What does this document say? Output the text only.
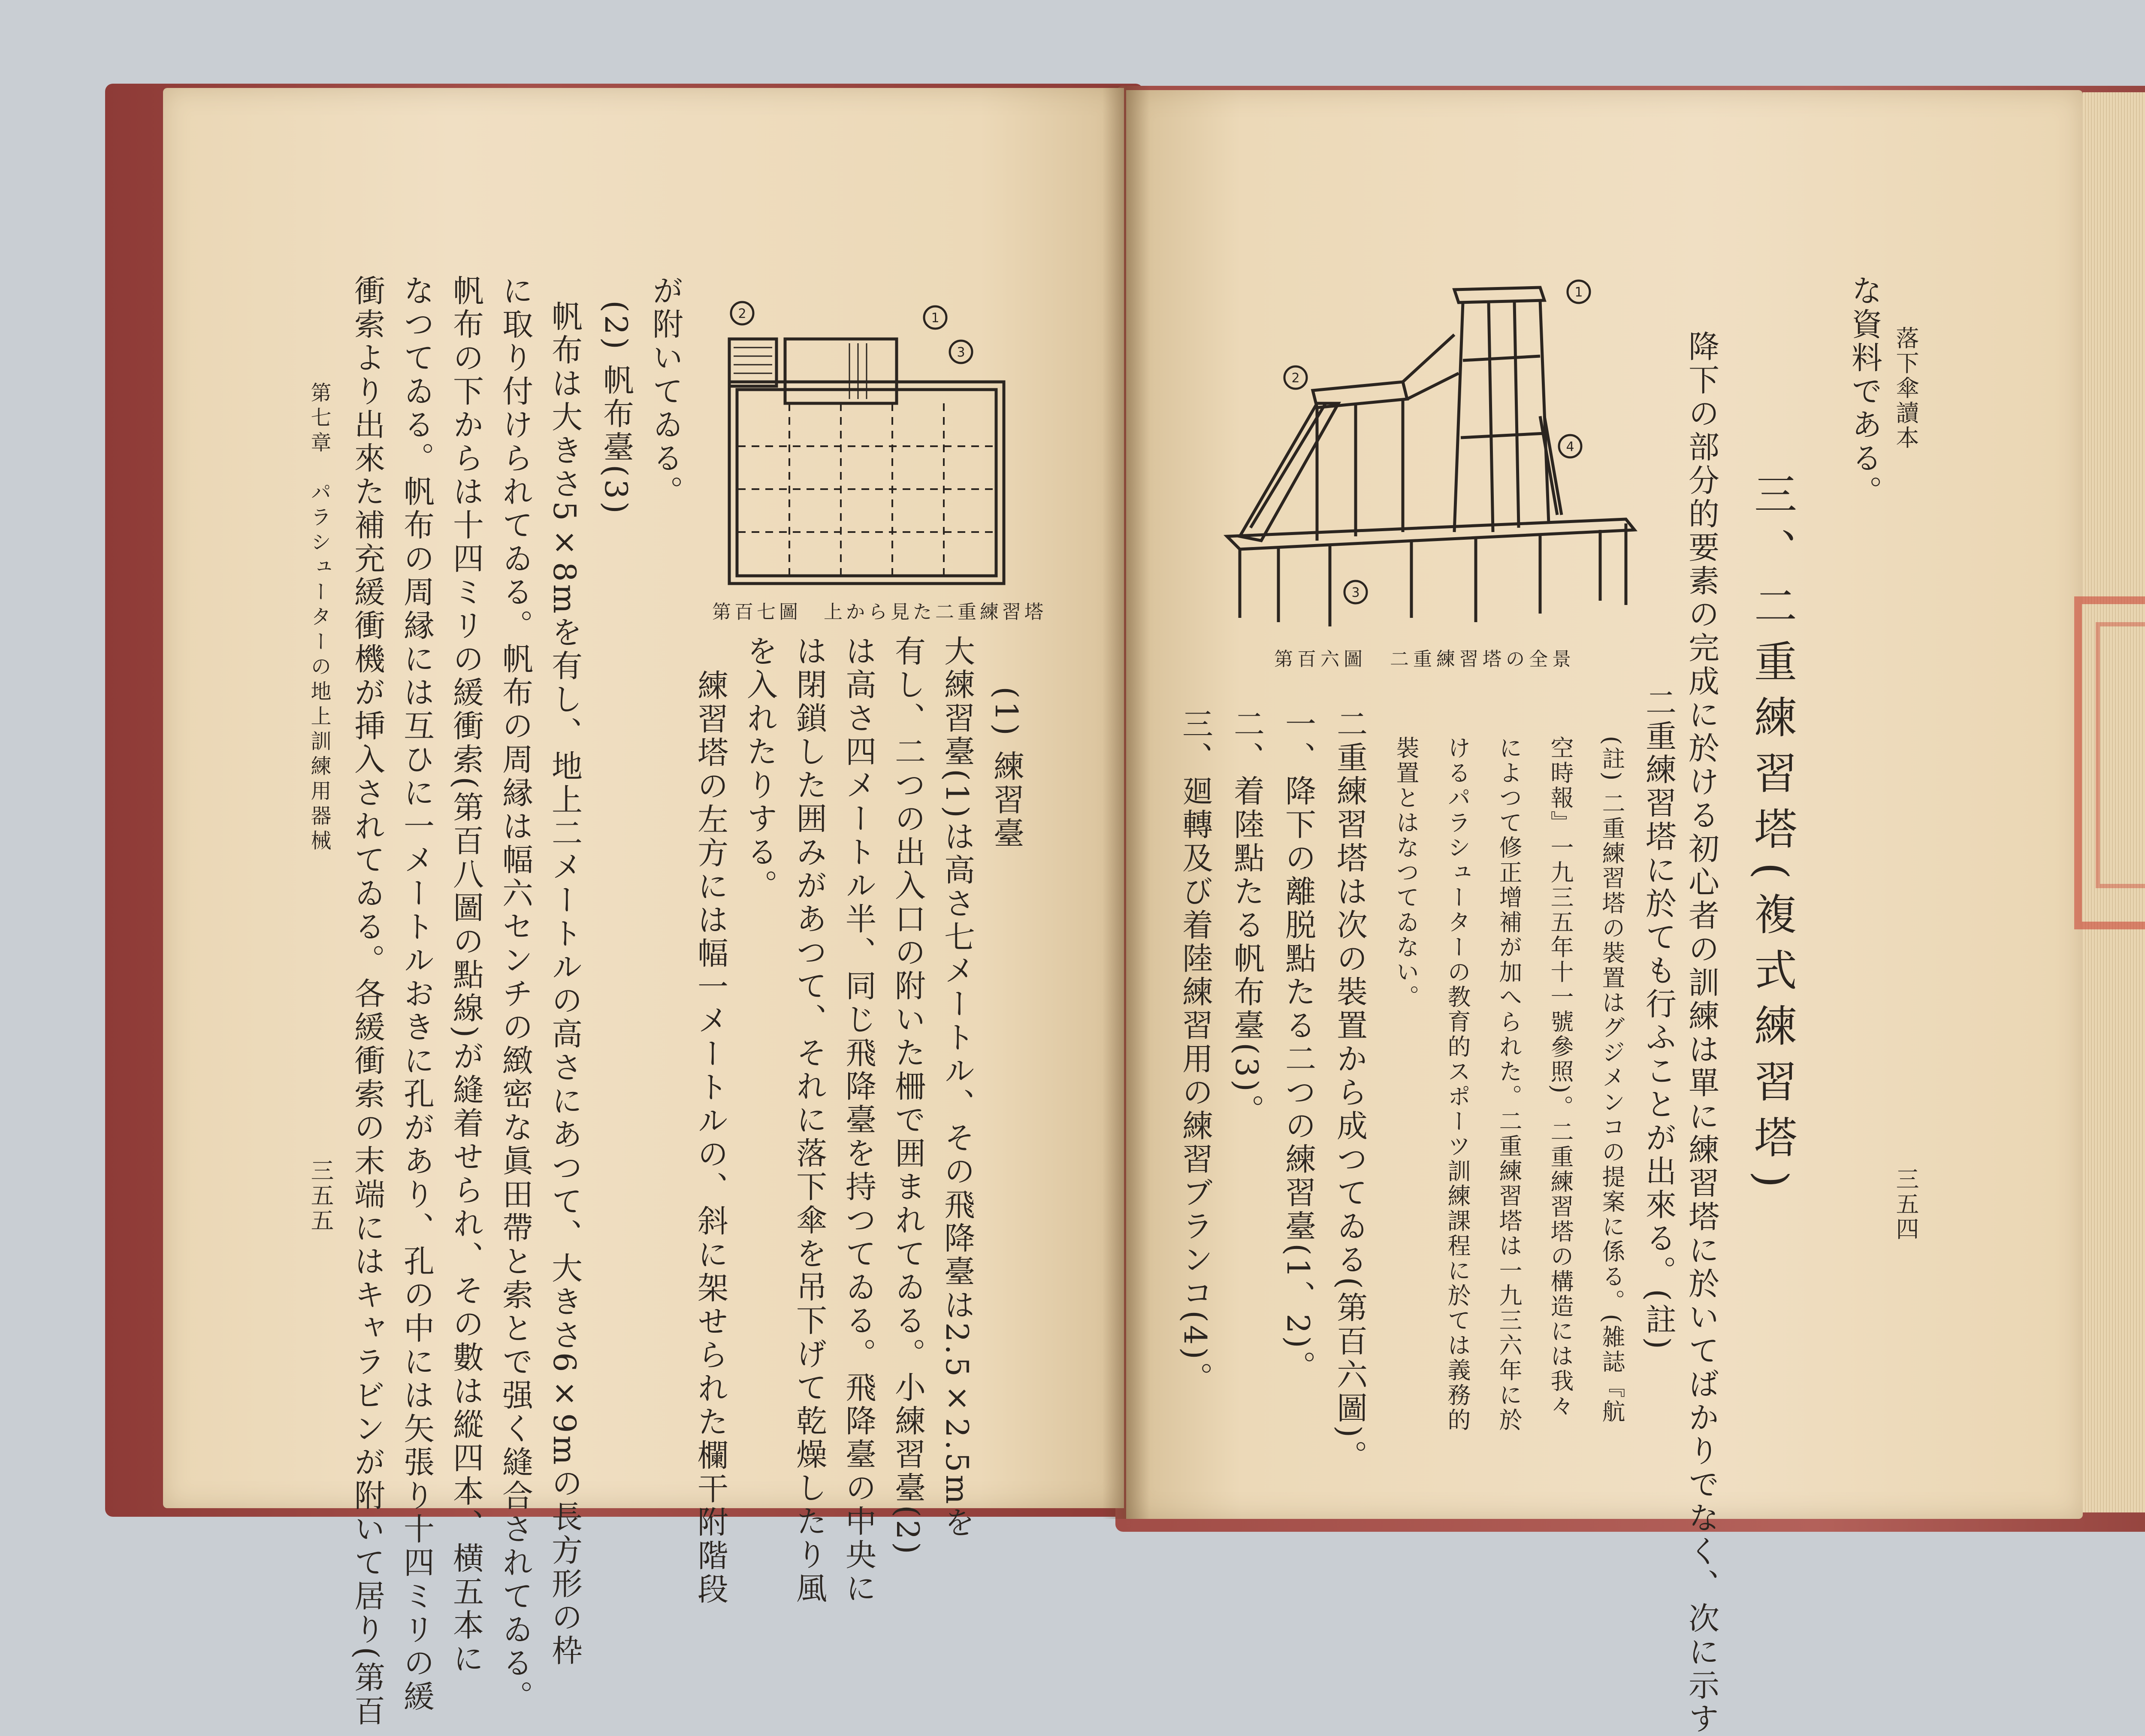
落下傘讀本
三五四
な資料である。
降下の部分的要素の完成に於ける初心者の訓練は單に練習塔に於いてばかりでなく、次に示す 三、二重練習塔(複式練習塔)
二重練習塔に於ても行ふことが出來る。(註)
(註) 二重練習塔の裝置はグジメンコの提案に係る。(雑誌『航
空時報』一九三五年十一號參照)。二重練習塔の構造には我々
によつて修正增補が加へられた。二重練習塔は一九三六年に於
けるパラシューターの教育的スポーツ訓練課程に於ては義務的
裝置とはなつてゐない。
二重練習塔は次の裝置から成つてゐる(第百六圖)。
一、降下の離脱點たる二つの練習臺(1、2)。
二、着陸點たる帆布臺(3)。
三、廻轉及び着陸練習用の練習ブランコ(4)。
1
2
3
4
第百六圖　二重練習塔の全景
第七章　パラシューターの地上訓練用器械
三五五 衝索より出來た補充緩衝機が挿入されてゐる。各緩衝索の末端にはキャラビンが附いて居り(第百 なつてゐる。帆布の周縁には互ひに一メートルおきに孔があり、孔の中には矢張り十四ミリの緩 帆布の下からは十四ミリの緩衝索(第百八圖の點線)が縫着せられ、その數は縱四本、横五本に に取り付けられてゐる。帆布の周縁は幅六センチの緻密な眞田帶と索とで强く縫合されてゐる。 帆布は大きさ5×8mを有し、地上二メートルの高さにあつて、大きさ6×9mの長方形の枠 (2) 帆布臺(3) が附いてゐる。
練習塔の左方には幅一メートルの、斜に架せられた欄干附階段 を入れたりする。 は閉鎖した囲みがあつて、それに落下傘を吊下げて乾燥したり風 は高さ四メートル半、同じ飛降臺を持つてゐる。飛降臺の中央に 有し、二つの出入口の附いた柵で囲まれてゐる。小練習臺(2) 大練習臺(1)は高さ七メートル、その飛降臺は2.5×2.5mを (1) 練習臺
2	1
3
第百七圖　上から見た二重練習塔
